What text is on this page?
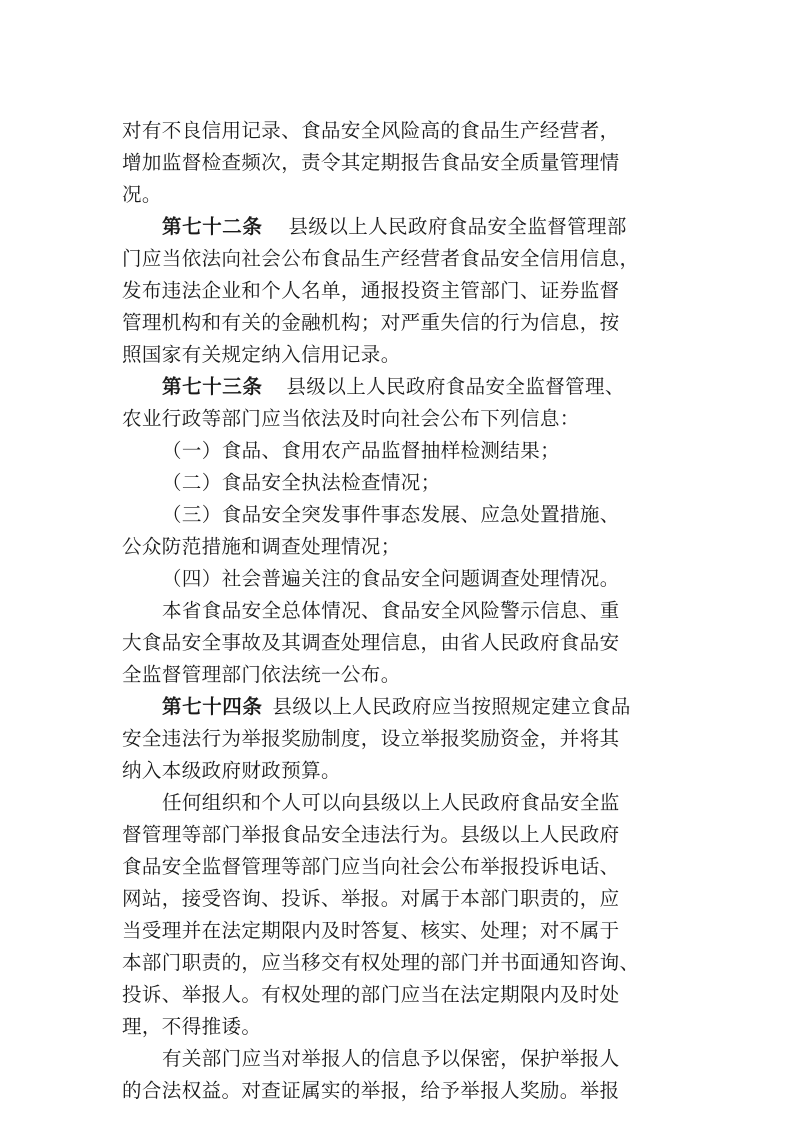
对有不良信用记录、食品安全风险高的食品生产经营者，
增加监督检查频次，责令其定期报告食品安全质量管理情
况。
第七十二条 县级以上人民政府食品安全监督管理部
门应当依法向社会公布食品生产经营者食品安全信用信息，
发布违法企业和个人名单，通报投资主管部门、证券监督
管理机构和有关的金融机构；对严重失信的行为信息，按
照国家有关规定纳入信用记录。
第七十三条 县级以上人民政府食品安全监督管理、
农业行政等部门应当依法及时向社会公布下列信息：
（一）食品、食用农产品监督抽样检测结果；
（二）食品安全执法检查情况；
（三）食品安全突发事件事态发展、应急处置措施、
公众防范措施和调查处理情况；
（四）社会普遍关注的食品安全问题调查处理情况。
本省食品安全总体情况、食品安全风险警示信息、重
大食品安全事故及其调查处理信息，由省人民政府食品安
全监督管理部门依法统一公布。
第七十四条 县级以上人民政府应当按照规定建立食品
安全违法行为举报奖励制度，设立举报奖励资金，并将其
纳入本级政府财政预算。
任何组织和个人可以向县级以上人民政府食品安全监
督管理等部门举报食品安全违法行为。县级以上人民政府
食品安全监督管理等部门应当向社会公布举报投诉电话、
网站，接受咨询、投诉、举报。对属于本部门职责的，应
当受理并在法定期限内及时答复、核实、处理；对不属于
本部门职责的，应当移交有权处理的部门并书面通知咨询、
投诉、举报人。有权处理的部门应当在法定期限内及时处
理，不得推诿。
有关部门应当对举报人的信息予以保密，保护举报人
的合法权益。对查证属实的举报，给予举报人奖励。举报
